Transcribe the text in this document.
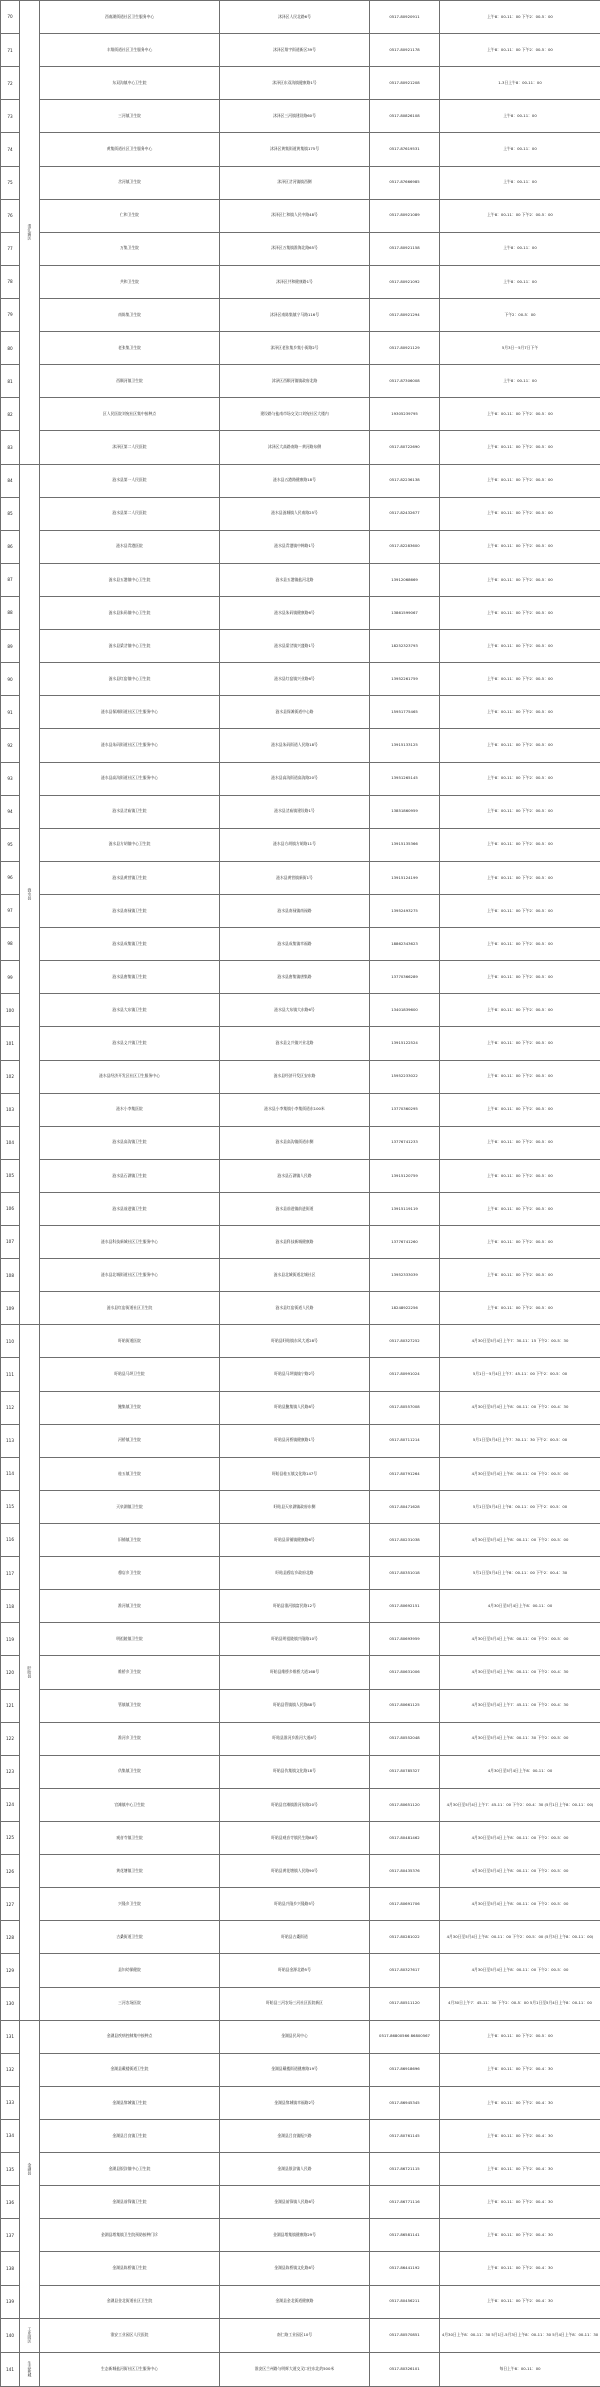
70	清江浦区	西南湖街道社区卫生服务中心	沭泽区人民北路6号	0517-80920911	上午8：00-11：00 下午2：00-5：00
71		丰翔街道社区卫生服务中心	沭泽区翔宇街道新区39号	0517-80921178	上午8：00-11：00 下午2：00-5：00
72		东双沟镇中心卫生院	沭泽区东双沟镇健康路1号	0517-80921208	1-3日上午8：00-11：00
73		三河镇卫生院	沭泽区三河镇建设路60号	0517-80826108	上午8：00-11：00
74		黄集街道社区卫生服务中心	沭泽区黄集街道黄集镇175号	0517-87619531	上午8：00-11：00
75		岔河镇卫生院	沭泽区岔河镇镇西侧	0517-87666985	上午8：00-11：00
76		仁和卫生院	沭泽区仁和镇人民中路48号	0517-80921089	上午8：00-11：00 下午2：00-5：00
77		万集卫生院	沭泽区万集镇淮海北路65号	0517-80921158	上午8：00-11：00
78		共和卫生院	沭泽区共和健康路1号	0517-80921092	上午8：00-11：00
79		南陈集卫生院	沭泽区南陈集镇宁马路116号	0517-80921294	下午2：00-5：00
80		老张集卫生院	沭泽区老张集乡集小街路2号	0517-80921129	5月3日－5月7日下午
81		西顺河镇卫生院	沭泽区西顺河镇镇政府北路	0517-87306008	上午8：00-11：00
82		区人民医院刘宛社区集中接种点	建设路与盐南市场交叉口刘宛社区大楼内	19305239795	上午8：00-11：00 下午2：00-5：00
83		沭泽区第二人民医院	沭泽区大高路南路－黄河路东侧	0517-80722690	上午8：00-11：00 下午2：00-5：00
84	涟水县	涟水县第一人民医院	涟水县五港路健康路18号	0517-82236138	上午8：00-11：00 下午2：00-5：00
85		涟水县第二人民医院	涟水县涟城镇人民南路25号	0517-82432677	上午8：00-11：00 下午2：00-5：00
86		涟水县青港医院	涟水县青港镇中韩路1号	0517-82283600	上午8：00-11：00 下午2：00-5：00
87		涟水县五港镇中心卫生院	涟水县五港镇盐河北路	13912068669	上午8：00-11：00 下午2：00-5：00
88		涟水县朱码镇中心卫生院	涟水县朱码镇健康路6号	13861599067	上午8：00-11：00 下午2：00-5：00
89		涟水县梁岔镇中心卫生院	涟水县梁岔镇兴盛路1号	18252323793	上午8：00-11：00 下午2：00-5：00
90		涟水县红窑镇中心卫生院	涟水县红窑镇兴业路6号	13952261759	上午8：00-11：00 下午2：00-5：00
91		涟水县保滩街道社区卫生服务中心	涟水县保滩街道中心路	15951775465	上午8：00-11：00 下午2：00-5：00
92		涟水县朱码街道社区卫生服务中心	涟水县朱码街道人民路18号	13915133125	上午8：00-11：00 下午2：00-5：00
93		涟水县高沟街道社区卫生服务中心	涟水县高沟街道高沟路20号	13951265145	上午8：00-11：00 下午2：00-5：00
94		涟水县岔庙镇卫生院	涟水县岔庙镇建设路1号	13851860959	上午8：00-11：00 下午2：00-5：00
95		涟水县方胡镇中心卫生院	涟水县方胡镇方胡路11号	13915135366	上午8：00-11：00 下午2：00-5：00
96		涟水县黄营镇卫生院	涟水县黄营镇新街1号	13915124199	上午8：00-11：00 下午2：00-5：00
97		涟水县南禄镇卫生院	涟水县南禄镇南禄路	13952493275	上午8：00-11：00 下午2：00-5：00
98		涟水县成集镇卫生院	涟水县成集镇幸福路	18862343623	上午8：00-11：00 下午2：00-5：00
99		涟水县唐集镇卫生院	涟水县唐集镇唐集路	13770366289	上午8：00-11：00 下午2：00-5：00
100		涟水县大东镇卫生院	涟水县大东镇大东路6号	13401839600	上午8：00-11：00 下午2：00-5：00
101		涟水县义兴镇卫生院	涟水县义兴镇兴业北路	13915122524	上午8：00-11：00 下午2：00-5：00
102		涟水县经济开发区社区卫生服务中心	涟水县经济开发区安东路	15952233022	上午8：00-11：00 下午2：00-5：00
103		涟水小李集医院	涟水县小李集镇小李集街道东100米	13770360295	上午8：00-11：00 下午2：00-5：00
104		涟水县高沟镇卫生院	涟水县高沟镇街道东侧	13776741233	上午8：00-11：00 下午2：00-5：00
105		涟水县石湖镇卫生院	涟水县石湖镇人民路	13915120759	上午8：00-11：00 下午2：00-5：00
106		涟水县前进镇卫生院	涟水县前进镇前进街道	13915119119	上午8：00-11：00 下午2：00-5：00
107		涟水县科技新城社区卫生服务中心	涟水县科技新城健康路	13776741260	上午8：00-11：00 下午2：00-5：00
108		涟水县北城街道社区卫生服务中心	涟水县北城街道北城社区	13952333039	上午8：00-11：00 下午2：00-5：00
109		涟水县红窑街道社区卫生院	涟水县红窑街道人民路	18248922256	上午8：00-11：00 下午2：00-5：00
110	盱眙县	盱眙街道医院	盱眙县盱眙镇东风大道28号	0517-80327252	4月30日至5月4日上午7：30-11：15 下午2：00-5：30
111		盱眙县马坝卫生院	盱眙县马坝镇愉宁路2号	0517-80991024	5月1日－5月4日上午7：45-11：00 下午2：00-5：00
112		鲍集镇卫生院	盱眙县鲍集镇人民路8号	0517-80557008	4月30日至5月4日上午8：00-11：00 下午2：00-4：30
113		河桥镇卫生院	盱眙县河桥镇健康路1号	0517-80711214	5月1日至5月4日上午7：30-11：30 下午2：00-5：00
114		桂五镇卫生院	盱眙县桂五镇文化路147号	0517-80791264	4月30日至5月4日上午8：00-11：00 下午2：00-5：00
115		天泉湖镇卫生院	盱眙县天泉湖镇政府东侧	0517-80471628	5月1日至5月4日上午8：00-11：00 下午2：00-5：00
116		旧铺镇卫生院	盱眙县旧铺镇健康路6号	0517-80231038	4月30日至5月4日上午8：00-11：00 下午2：00-5：00
117		穆店乡卫生院	盱眙县穆店乡政府北路	0517-80351018	5月1日至5月4日上午8：00-11：00 下午2：00-4：30
118		淮河镇卫生院	盱眙县淮河镇富民路12号	0517-80692151	4月30日至5月4日上午8：00-11：00
119		明祖陵镇卫生院	盱眙县明祖陵镇兴隆路10号	0517-80693959	4月30日至5月4日上午8：00-11：00 下午2：00-5：00
120		维桥乡卫生院	盱眙县维桥乡维桥大道168号	0517-80631006	4月30日至5月4日上午8：00-11：00 下午2：00-4：30
121		管镇镇卫生院	盱眙县管镇镇人民路88号	0517-80661125	4月30日至5月4日上午7：45-11：00 下午2：00-4：30
122		淮河乡卫生院	盱眙县淮河乡淮河大道8号	0517-80552048	4月30日至5月4日上午8：00-11：30 下午2：00-5：00
123		仇集镇卫生院	盱眙县仇集镇文化路18号	0517-80785327	4月30日至5月4日上午8：00-11：00
124		官滩镇中心卫生院	盱眙县官滩镇淮河东路20号	0517-80651120	4月30日至5月4日上午7：45-11：00 下午2：00-4：30 (5月1日上午8：00-11：00)
125		观音寺镇卫生院	盱眙县观音寺镇民生路88号	0517-80481462	4月30日至5月4日上午8：00-11：00 下午2：00-5：00
126		黄花塘镇卫生院	盱眙县黄花塘镇人民路90号	0517-80435376	4月30日至5月4日上午8：00-11：00 下午2：00-5：00
127		兴隆乡卫生院	盱眙县兴隆乡兴隆路5号	0517-80691706	4月30日至5月4日上午8：00-11：00 下午2：00-5：00
128		古桑街道卫生院	盱眙县古桑街道	0517-80281022	4月30日至5月4日上午8：00-11：00 下午2：00-5：00 (5月3日上午8：00-11：00)
129		县妇幼保健院	盱眙县金源北路5号	0517-80327617	4月30日至5月4日上午8：00-11：00 下午2：00-5：00
130		三河农场医院	盱眙县三河农场三河社区医院新区	0517-80511120	4月30日上午7：45-11：30 下午2：00-5：00 5月1日至5月4日上午8：00-11：00
131	金湖县	金湖县疾病控制集中接种点	金湖县民风中心	0517-86800566 86800567	上午8：00-11：00 下午2：00-5：00
132		金湖县戴楼街道卫生院	金湖县戴楼街道健康路19号	0517-86918696	上午8：00-11：00 下午2：00-4：30
133		金湖县黎城镇卫生院	金湖县黎城镇幸福路2号	0517-86945345	上午8：00-11：00 下午2：00-4：30
134		金湖县吕良镇卫生院	金湖县吕良镇振兴路	0517-80761145	上午8：00-11：00 下午2：00-4：30
135		金湖县银涂镇中心卫生院	金湖县银涂镇人民路	0517-86721115	上午8：00-11：00 下午2：00-4：30
136		金湖县前锋镇卫生院	金湖县前锋镇人民路8号	0517-86771116	上午8：00-11：00 下午2：00-4：30
137		金湖县塔集镇卫生院预防接种门诊	金湖县塔集镇健康路29号	0517-86581141	上午8：00-11：00 下午2：00-4：30
138		金湖县陈桥镇卫生院	金湖县陈桥镇文化路8号	0517-86441192	上午8：00-11：00 下午2：00-4：30
139		金湖县金北街道社区卫生院	金湖县金北街道健康路	0517-80456211	上午8：00-11：00 下午2：00-4：30
140	工业园区	淮安工业园区人民医院	南仁路工业园区10号	0517-80570851	4月30日上午8：00-11：30 5月1日-5月3日上午8：00-11：30 5月4日上午8：00-11：30
141	生态新城	生态新城盐河街社区卫生服务中心	淮安区兰州路与明辉大道交叉口往东北约500米	0517-80326101	每日上午8：00-11：00
